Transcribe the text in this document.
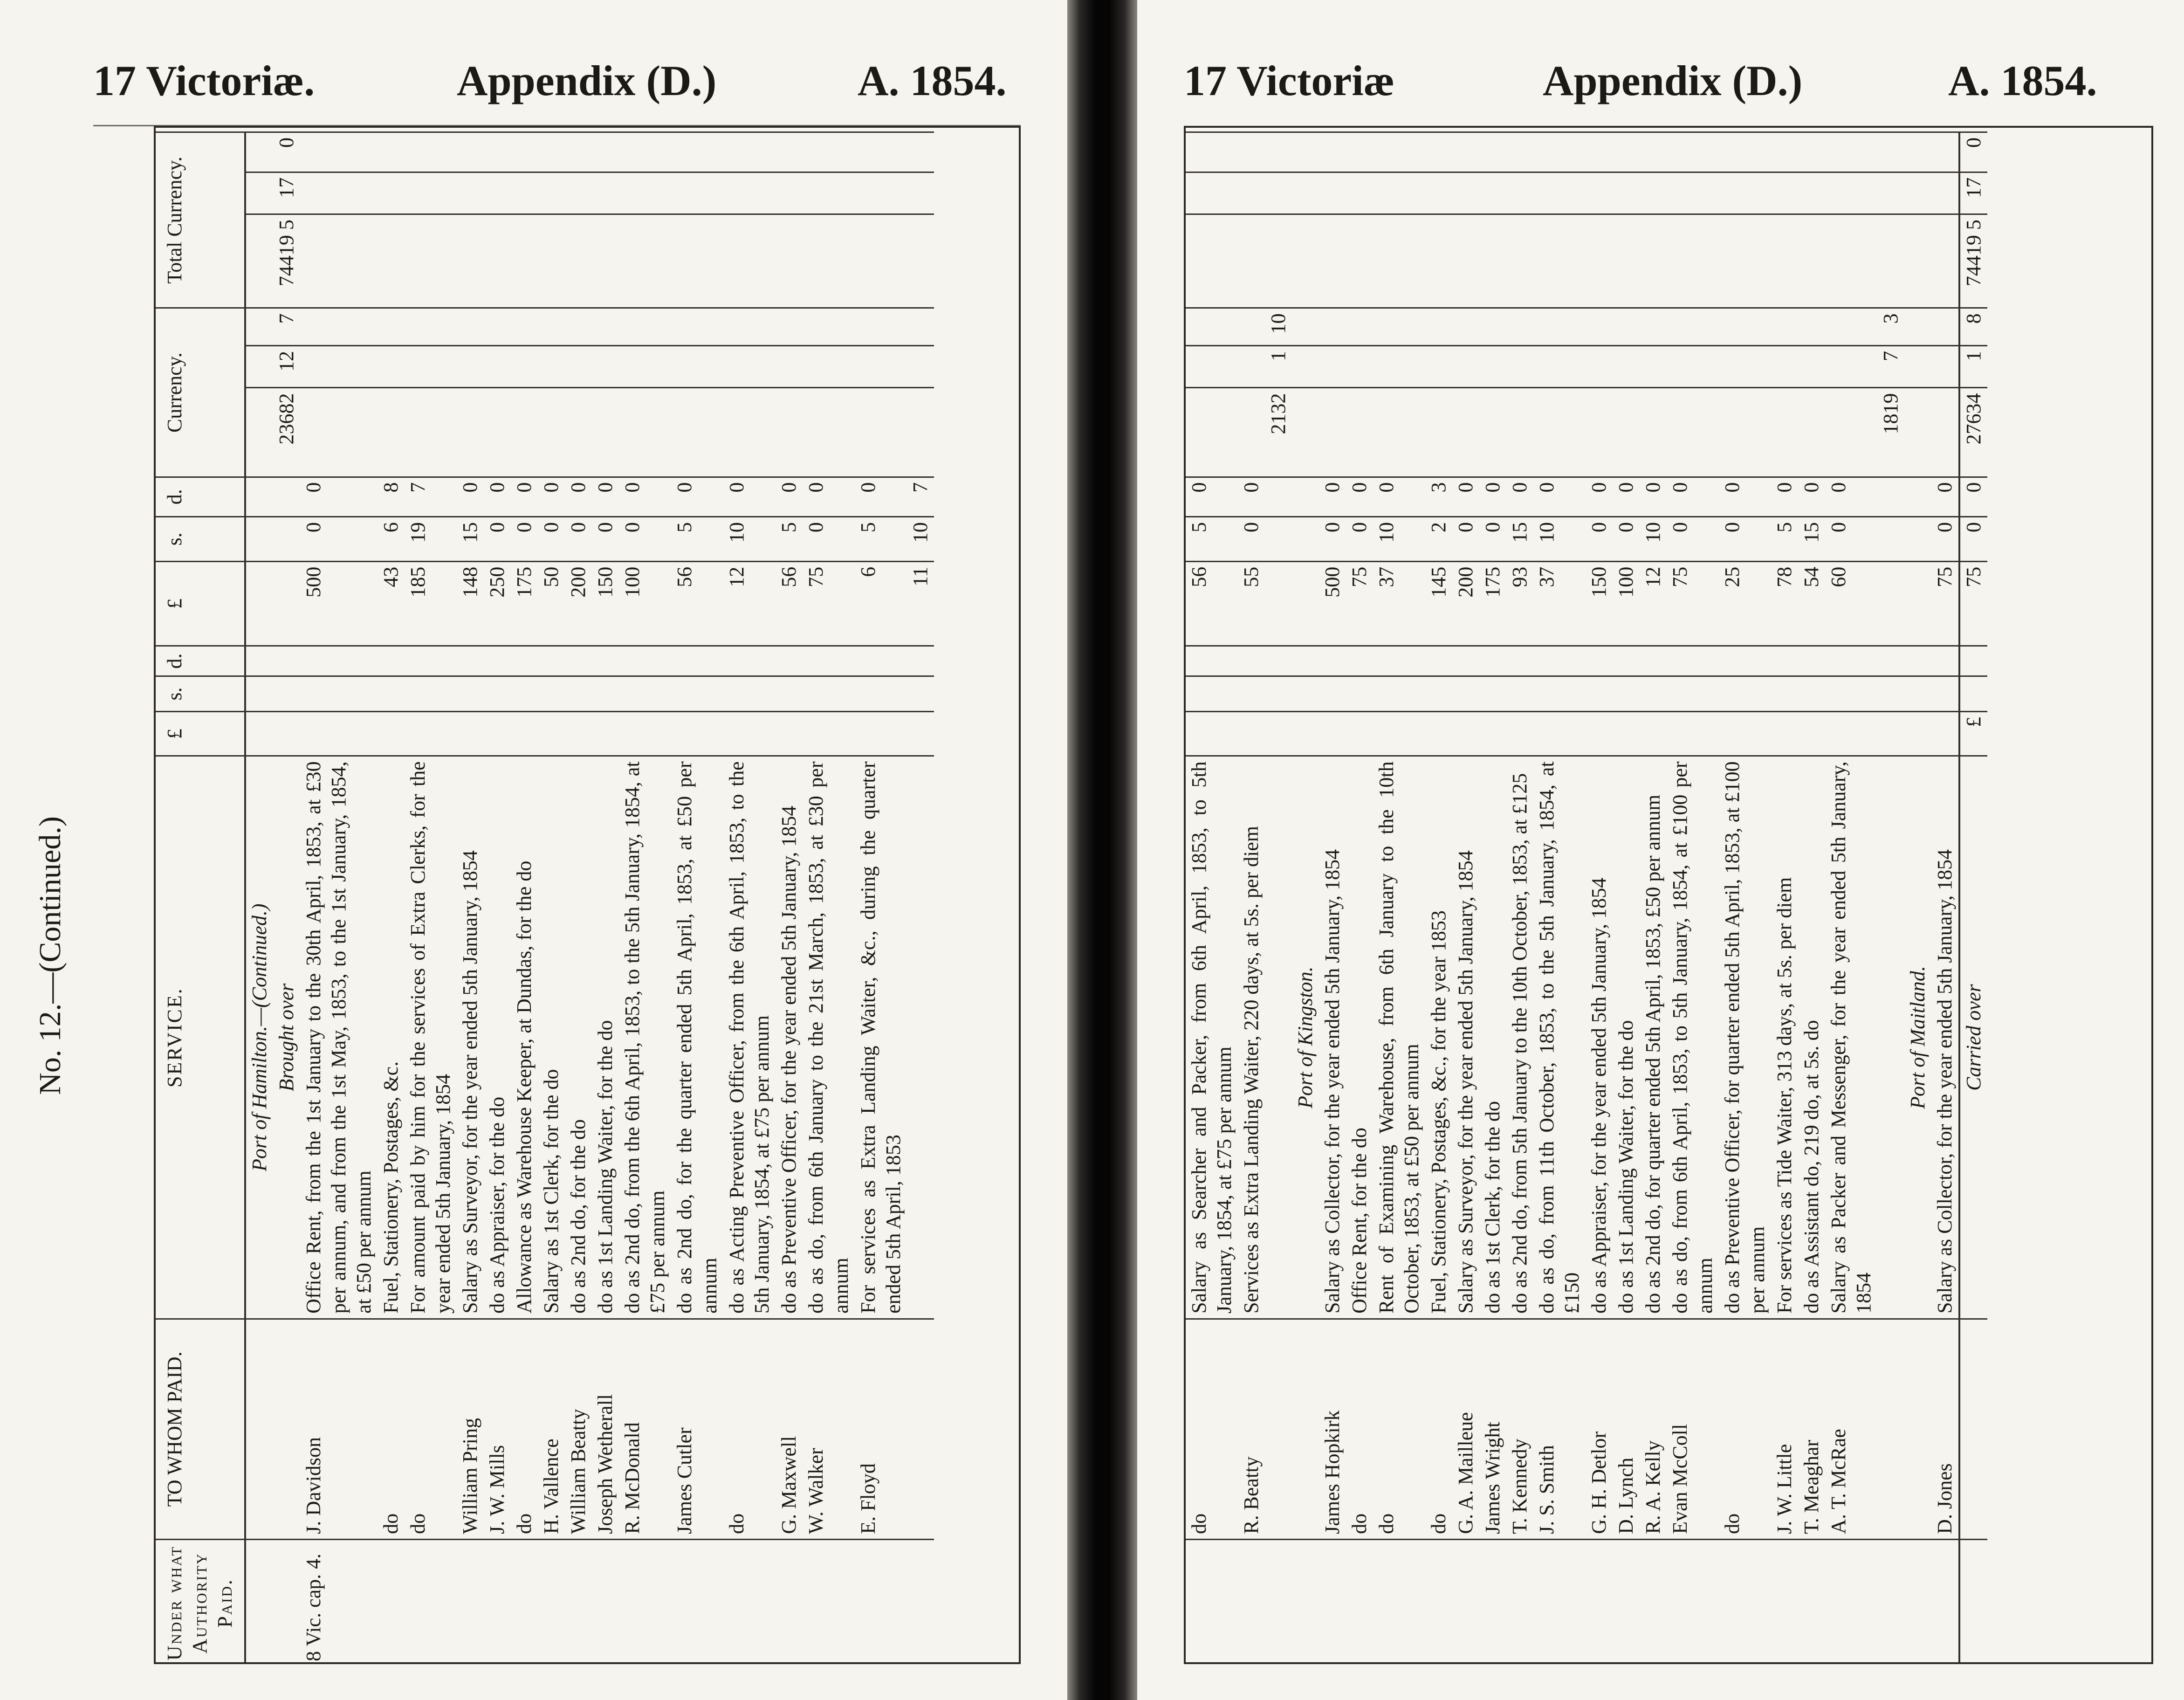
17 Victoriæ.	Appendix (D.)	A. 1854.
No. 12.—(Continued.)
Under what Authority Paid.	TO WHOM PAID.	SERVICE.	£	s.	d.	£	s.	d.	Currency.			Total Currency.		
		Port of Hamilton.—(Continued.)												
		Brought over							23682	12	7	74419 5	17	0
8 Vic. cap. 4.	J. Davidson	Office Rent, from the 1st January to the 30th April, 1853, at £30 per annum, and from the 1st May, 1853, to the 1st January, 1854, at £50 per annum				500	0	0						
	do	Fuel, Stationery, Postages, &c.				43	6	8						
	do	For amount paid by him for the services of Extra Clerks, for the year ended 5th January, 1854				185	19	7						
	William Pring	Salary as Surveyor, for the year ended 5th January, 1854				148	15	0						
	J. W. Mills	do as Appraiser, for the do				250	0	0						
	do	Allowance as Warehouse Keeper, at Dundas, for the do				175	0	0						
	H. Vallence	Salary as 1st Clerk, for the do				50	0	0						
	William Beatty	do as 2nd do, for the do				200	0	0						
	Joseph Wetherall	do as 1st Landing Waiter, for the do				150	0	0						
	R. McDonald	do as 2nd do, from the 6th April, 1853, to the 5th January, 1854, at £75 per annum				100	0	0						
	James Cutler	do as 2nd do, for the quarter ended 5th April, 1853, at £50 per annum				56	5	0						
	do	do as Acting Preventive Officer, from the 6th April, 1853, to the 5th January, 1854, at £75 per annum				12	10	0						
	G. Maxwell	do as Preventive Officer, for the year ended 5th January, 1854				56	5	0						
	W. Walker	do as do, from 6th January to the 21st March, 1853, at £30 per annum				75	0	0						
	E. Floyd	For services as Extra Landing Waiter, &c., during the quarter ended 5th April, 1853				6	5	0						
						11	10	7						
17 Victoriæ	Appendix (D.)	A. 1854.
	do	Salary as Searcher and Packer, from 6th April, 1853, to 5th January, 1854, at £75 per annum				56	5	0						
	R. Beatty	Services as Extra Landing Waiter, 220 days, at 5s. per diem				55	0	0						
									2132	1	10			
		Port of Kingston.												
	James Hopkirk	Salary as Collector, for the year ended 5th January, 1854				500	0	0						
	do	Office Rent, for the do				75	0	0						
	do	Rent of Examining Warehouse, from 6th January to the 10th October, 1853, at £50 per annum				37	10	0						
	do	Fuel, Stationery, Postages, &c., for the year 1853				145	2	3						
	G. A. Mailleue	Salary as Surveyor, for the year ended 5th January, 1854				200	0	0						
	James Wright	do as 1st Clerk, for the do				175	0	0						
	T. Kennedy	do as 2nd do, from 5th January to the 10th October, 1853, at £125				93	15	0						
	J. S. Smith	do as do, from 11th October, 1853, to the 5th January, 1854, at £150				37	10	0						
	G. H. Detlor	do as Appraiser, for the year ended 5th January, 1854				150	0	0						
	D. Lynch	do as 1st Landing Waiter, for the do				100	0	0						
	R. A. Kelly	do as 2nd do, for quarter ended 5th April, 1853, £50 per annum				12	10	0						
	Evan McColl	do as do, from 6th April, 1853, to 5th January, 1854, at £100 per annum				75	0	0						
	do	do as Preventive Officer, for quarter ended 5th April, 1853, at £100 per annum				25	0	0						
	J. W. Little	For services as Tide Waiter, 313 days, at 5s. per diem				78	5	0						
	T. Meaghar	do as Assistant do, 219 do, at 5s. do				54	15	0						
	A. T. McRae	Salary as Packer and Messenger, for the year ended 5th January, 1854				60	0	0						
									1819	7	3			
		Port of Maitland.												
	D. Jones	Salary as Collector, for the year ended 5th January, 1854				75	0	0						
		Carried over	£			75	0	0	27634	1	8	74419 5	17	0
